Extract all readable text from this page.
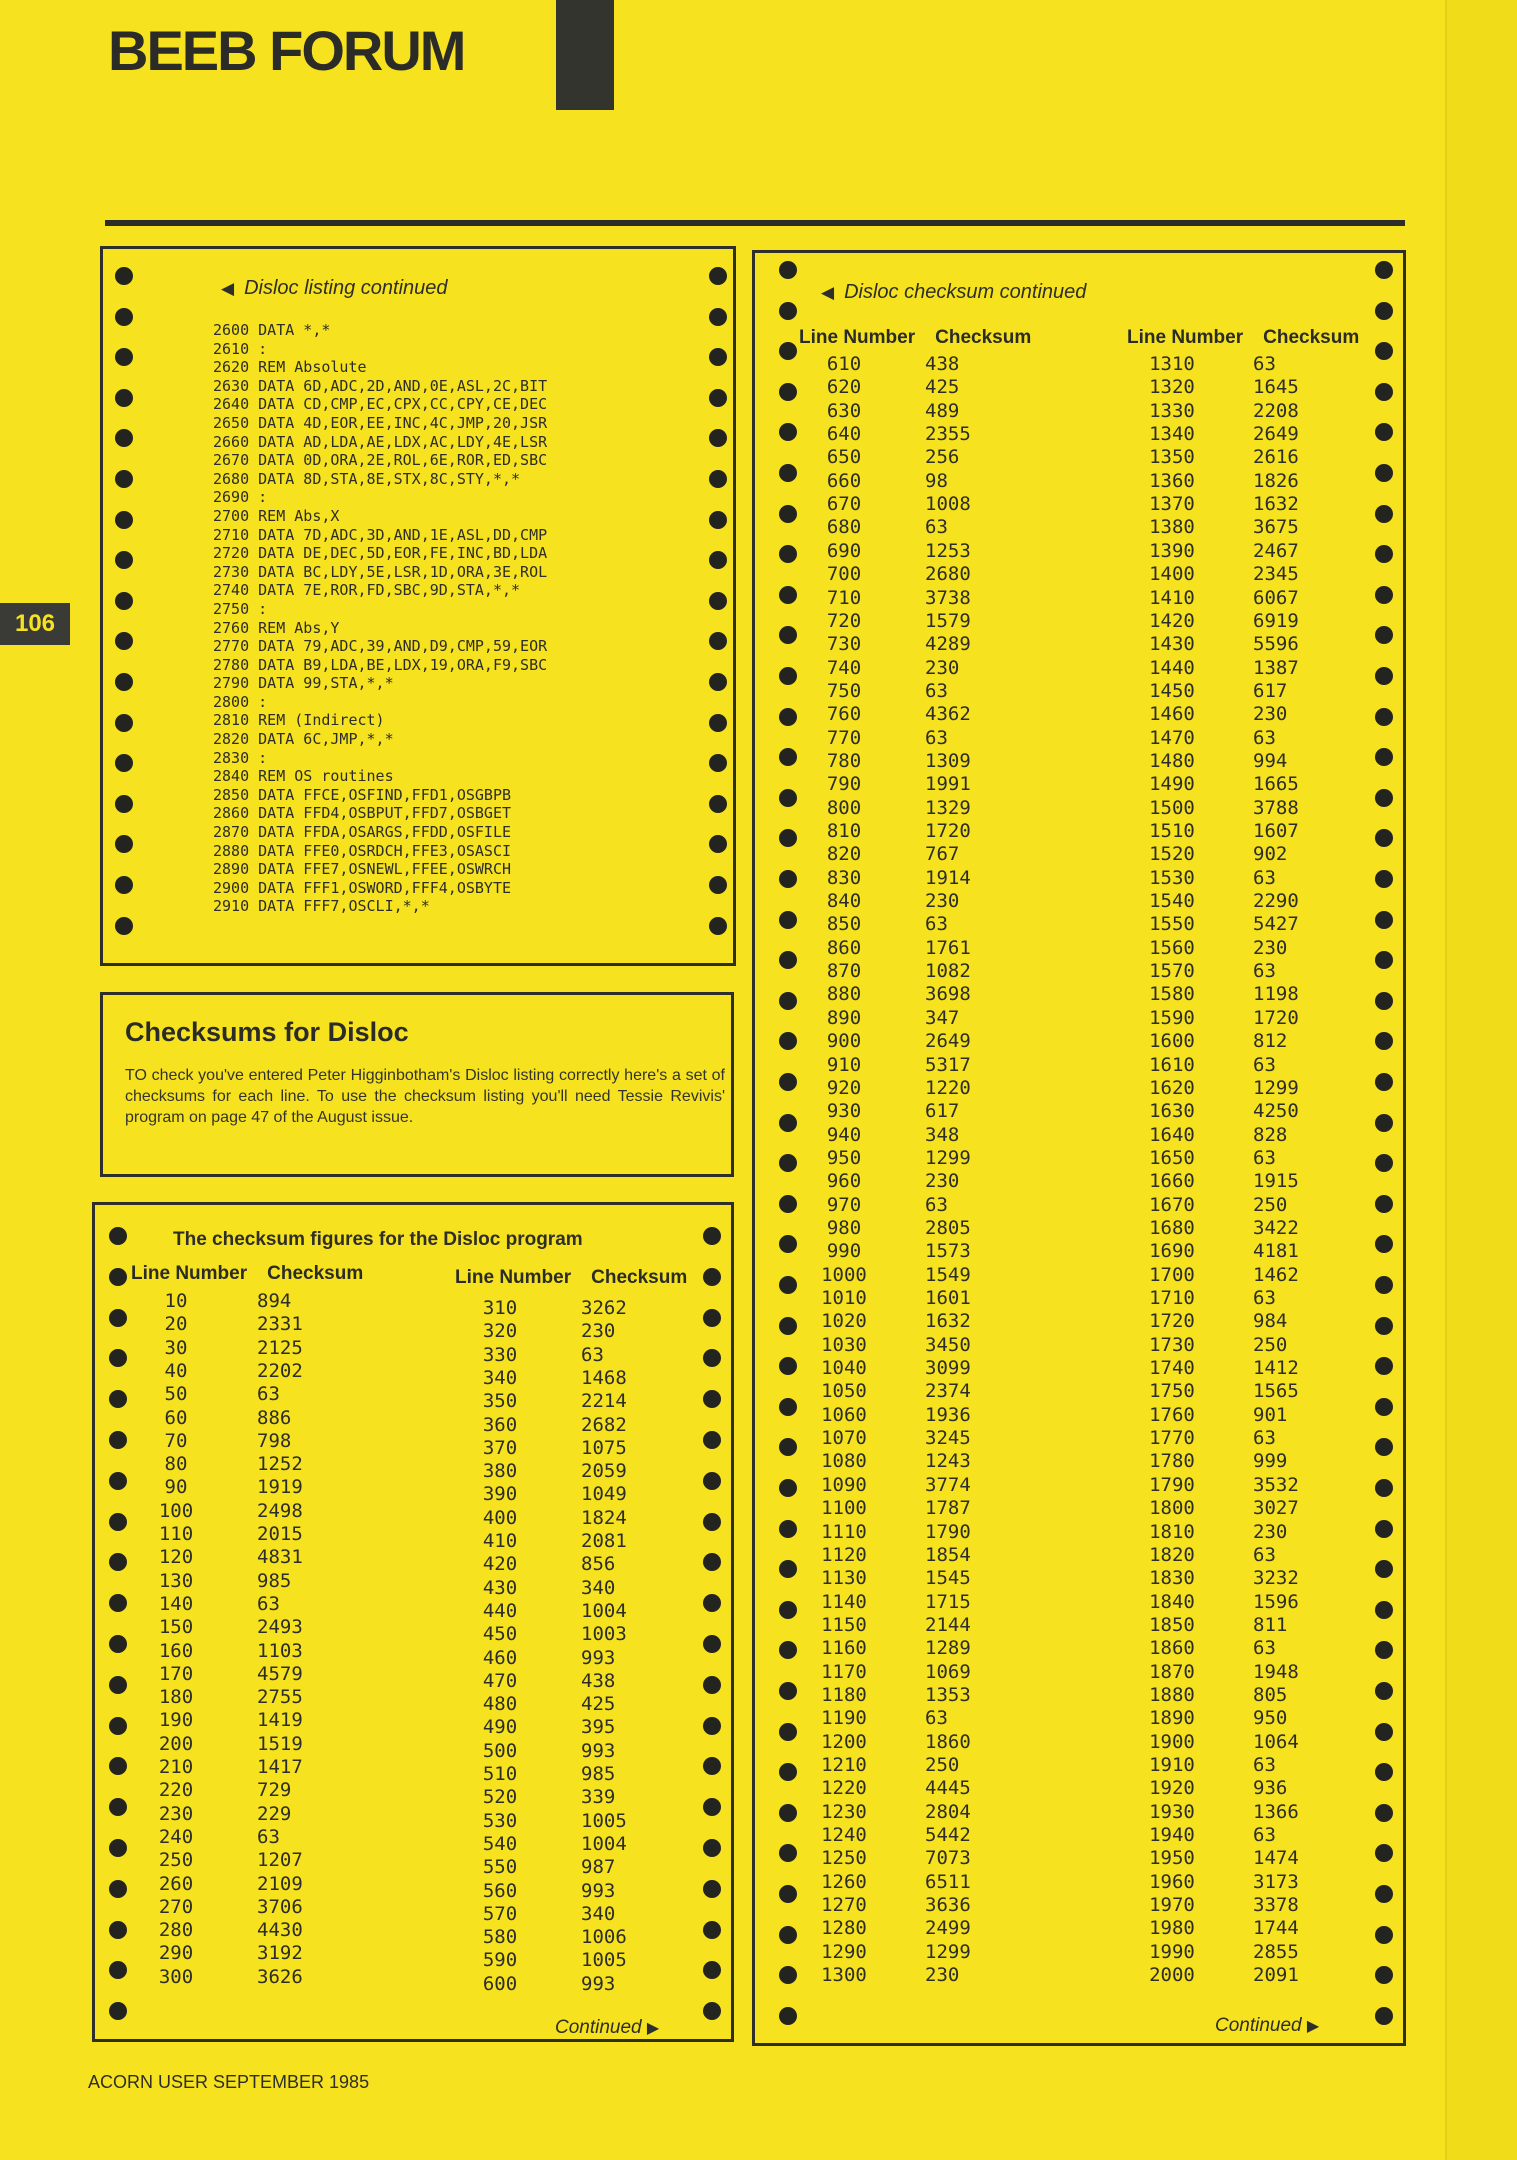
BEEB FORUM
106
◀ Disloc listing continued
2600 DATA *,*
2610 :
2620 REM Absolute
2630 DATA 6D,ADC,2D,AND,0E,ASL,2C,BIT
2640 DATA CD,CMP,EC,CPX,CC,CPY,CE,DEC
2650 DATA 4D,EOR,EE,INC,4C,JMP,20,JSR
2660 DATA AD,LDA,AE,LDX,AC,LDY,4E,LSR
2670 DATA 0D,ORA,2E,ROL,6E,ROR,ED,SBC
2680 DATA 8D,STA,8E,STX,8C,STY,*,*
2690 :
2700 REM Abs,X
2710 DATA 7D,ADC,3D,AND,1E,ASL,DD,CMP
2720 DATA DE,DEC,5D,EOR,FE,INC,BD,LDA
2730 DATA BC,LDY,5E,LSR,1D,ORA,3E,ROL
2740 DATA 7E,ROR,FD,SBC,9D,STA,*,*
2750 :
2760 REM Abs,Y
2770 DATA 79,ADC,39,AND,D9,CMP,59,EOR
2780 DATA B9,LDA,BE,LDX,19,ORA,F9,SBC
2790 DATA 99,STA,*,*
2800 :
2810 REM (Indirect)
2820 DATA 6C,JMP,*,*
2830 :
2840 REM OS routines
2850 DATA FFCE,OSFIND,FFD1,OSGBPB
2860 DATA FFD4,OSBPUT,FFD7,OSBGET
2870 DATA FFDA,OSARGS,FFDD,OSFILE
2880 DATA FFE0,OSRDCH,FFE3,OSASCI
2890 DATA FFE7,OSNEWL,FFEE,OSWRCH
2900 DATA FFF1,OSWORD,FFF4,OSBYTE
2910 DATA FFF7,OSCLI,*,*
Checksums for Disloc

TO check you've entered Peter Higginbotham's Disloc listing correctly here's a set of checksums for each line. To use the checksum listing you'll need Tessie Revivis' program on page 47 of the August issue.

The checksum figures for the Disloc program
Line Number Checksum
10	894
20	2331
30	2125
40	2202
50	63
60	886
70	798
80	1252
90	1919
100	2498
110	2015
120	4831
130	985
140	63
150	2493
160	1103
170	4579
180	2755
190	1419
200	1519
210	1417
220	729
230	229
240	63
250	1207
260	2109
270	3706
280	4430
290	3192
300	3626
Line Number Checksum
310	3262
320	230
330	63
340	1468
350	2214
360	2682
370	1075
380	2059
390	1049
400	1824
410	2081
420	856
430	340
440	1004
450	1003
460	993
470	438
480	425
490	395
500	993
510	985
520	339
530	1005
540	1004
550	987
560	993
570	340
580	1006
590	1005
600	993
Continued ▶
◀ Disloc checksum continued
Line Number Checksum
610	438
620	425
630	489
640	2355
650	256
660	98
670	1008
680	63
690	1253
700	2680
710	3738
720	1579
730	4289
740	230
750	63
760	4362
770	63
780	1309
790	1991
800	1329
810	1720
820	767
830	1914
840	230
850	63
860	1761
870	1082
880	3698
890	347
900	2649
910	5317
920	1220
930	617
940	348
950	1299
960	230
970	63
980	2805
990	1573
1000	1549
1010	1601
1020	1632
1030	3450
1040	3099
1050	2374
1060	1936
1070	3245
1080	1243
1090	3774
1100	1787
1110	1790
1120	1854
1130	1545
1140	1715
1150	2144
1160	1289
1170	1069
1180	1353
1190	63
1200	1860
1210	250
1220	4445
1230	2804
1240	5442
1250	7073
1260	6511
1270	3636
1280	2499
1290	1299
1300	230
Line Number Checksum
1310	63
1320	1645
1330	2208
1340	2649
1350	2616
1360	1826
1370	1632
1380	3675
1390	2467
1400	2345
1410	6067
1420	6919
1430	5596
1440	1387
1450	617
1460	230
1470	63
1480	994
1490	1665
1500	3788
1510	1607
1520	902
1530	63
1540	2290
1550	5427
1560	230
1570	63
1580	1198
1590	1720
1600	812
1610	63
1620	1299
1630	4250
1640	828
1650	63
1660	1915
1670	250
1680	3422
1690	4181
1700	1462
1710	63
1720	984
1730	250
1740	1412
1750	1565
1760	901
1770	63
1780	999
1790	3532
1800	3027
1810	230
1820	63
1830	3232
1840	1596
1850	811
1860	63
1870	1948
1880	805
1890	950
1900	1064
1910	63
1920	936
1930	1366
1940	63
1950	1474
1960	3173
1970	3378
1980	1744
1990	2855
2000	2091
Continued ▶
ACORN USER SEPTEMBER 1985
